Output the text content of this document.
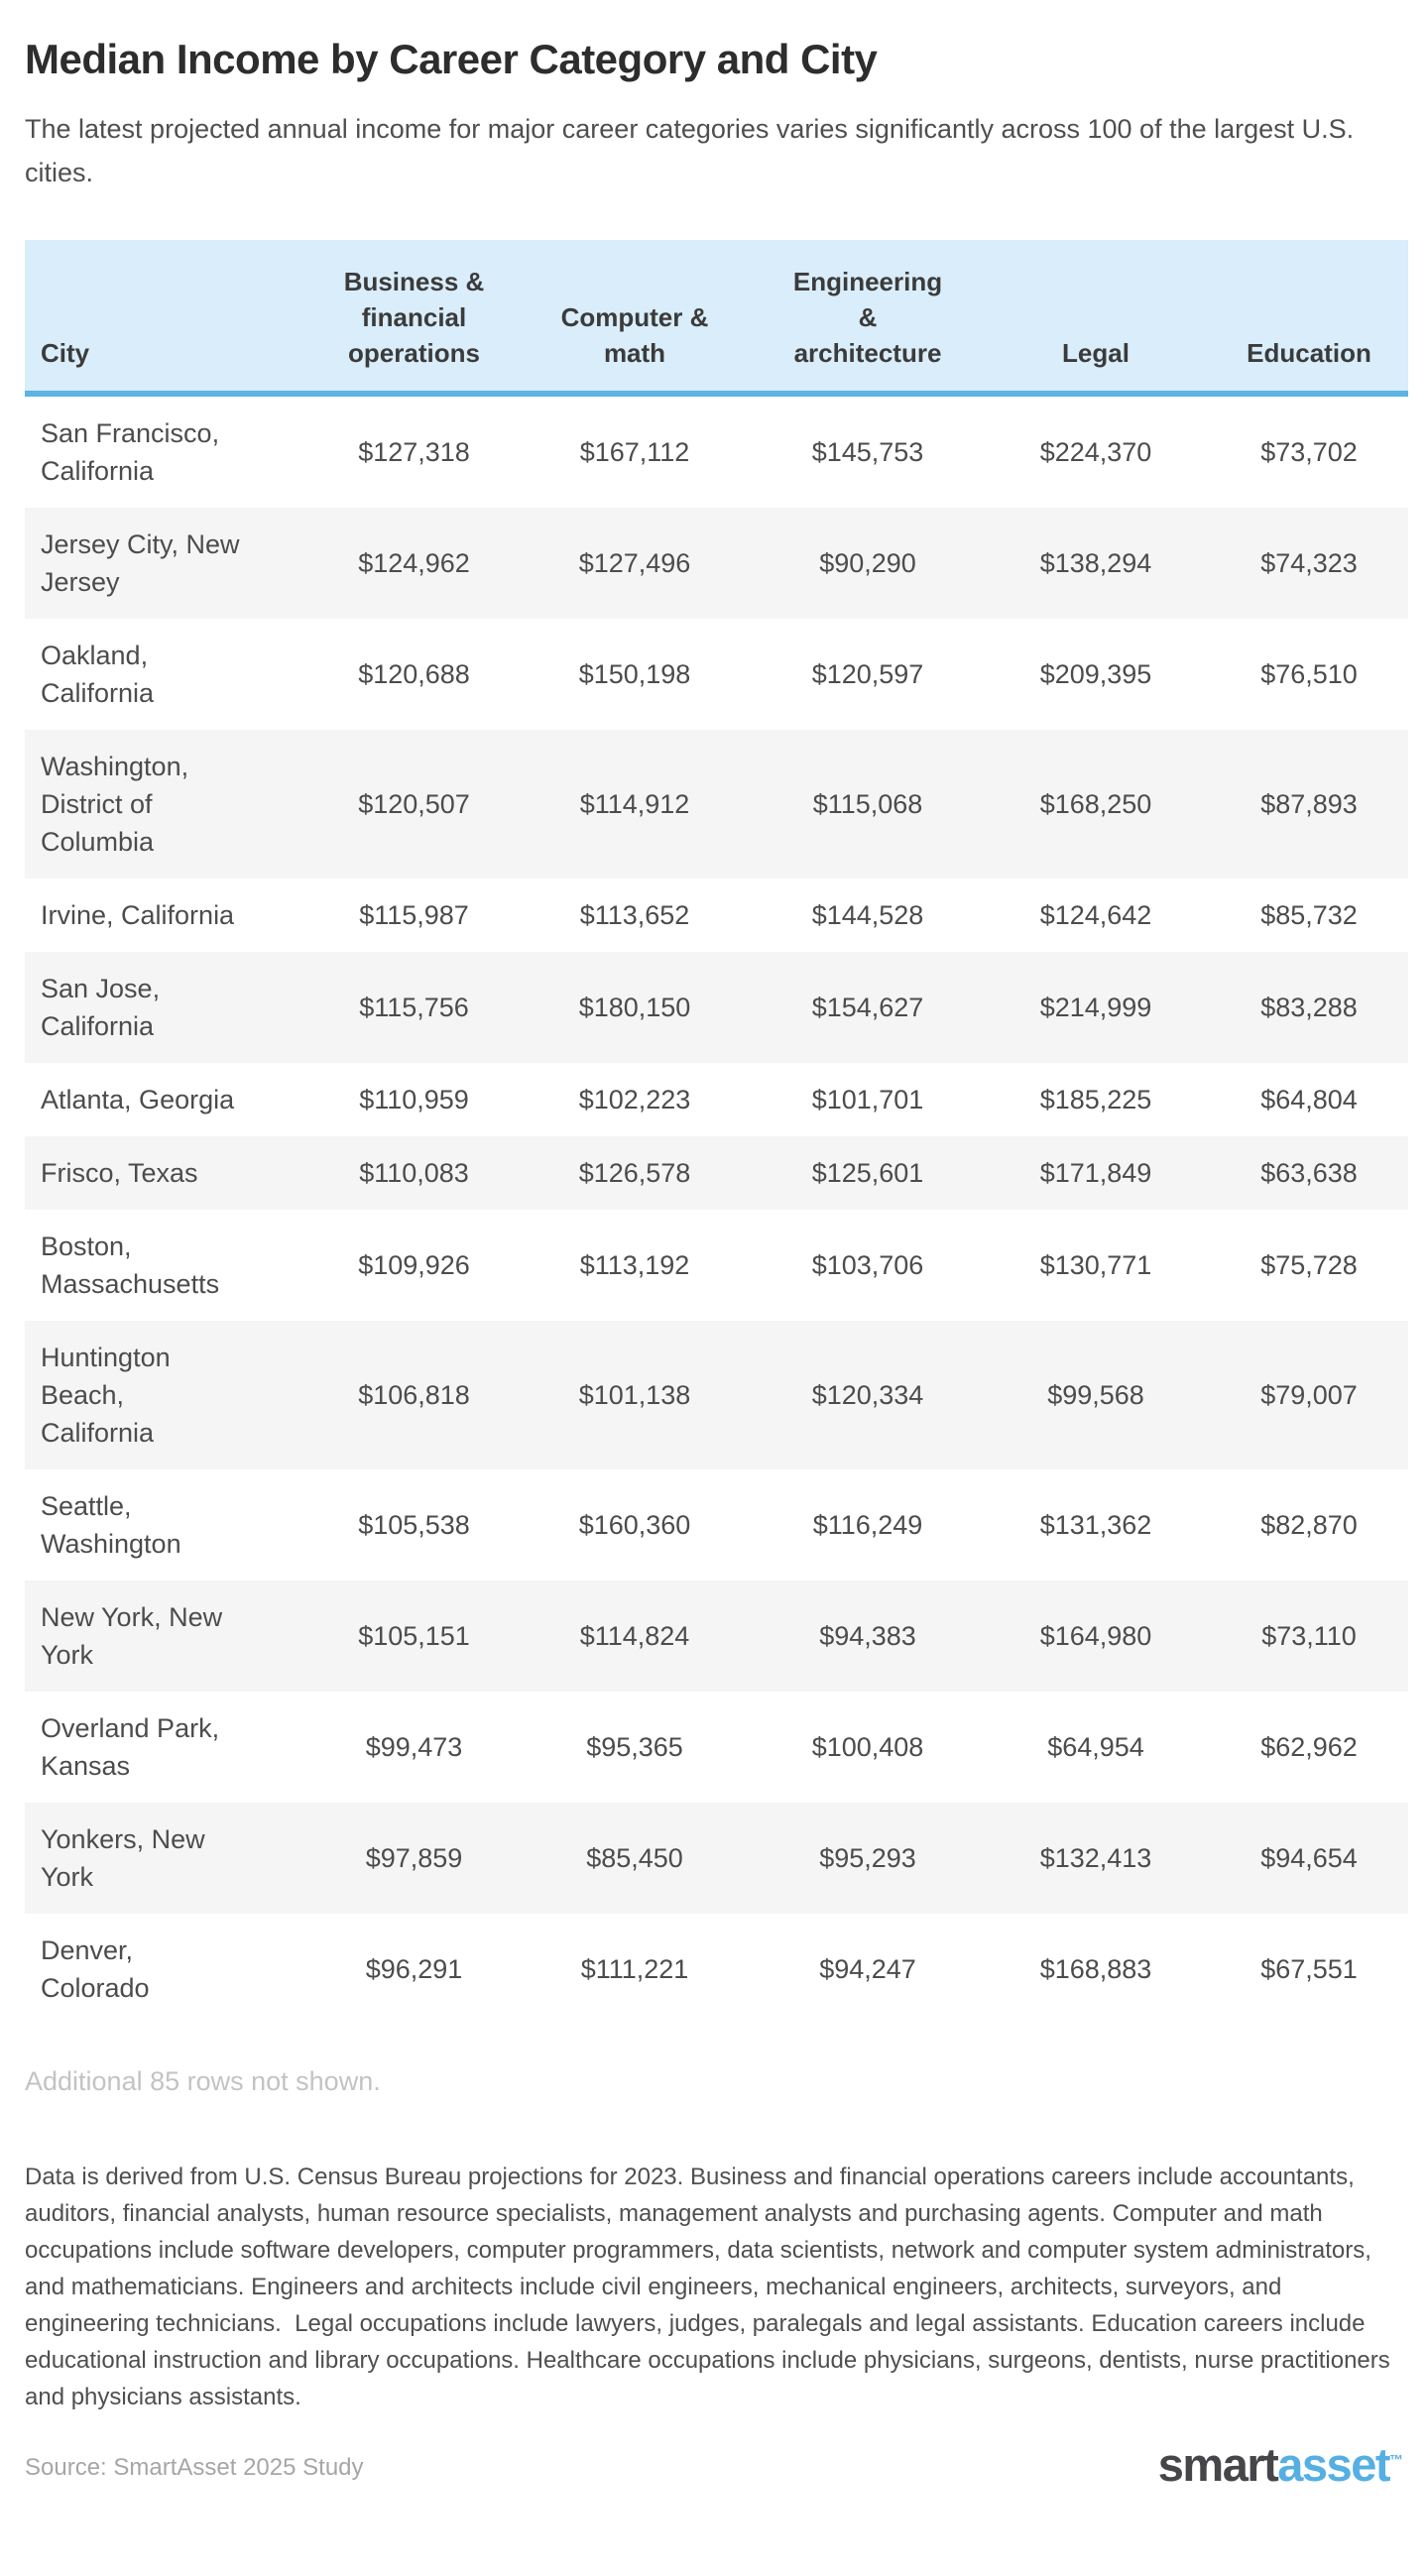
Median Income by Career Category and City

The latest projected annual income for major career categories varies significantly across 100 of the largest U.S. cities.

City	Business & financial operations	Computer & math	Engineering & architecture	Legal	Education
San Francisco, California	$127,318	$167,112	$145,753	$224,370	$73,702
Jersey City, New Jersey	$124,962	$127,496	$90,290	$138,294	$74,323
Oakland, California	$120,688	$150,198	$120,597	$209,395	$76,510
Washington, District of Columbia	$120,507	$114,912	$115,068	$168,250	$87,893
Irvine, California	$115,987	$113,652	$144,528	$124,642	$85,732
San Jose, California	$115,756	$180,150	$154,627	$214,999	$83,288
Atlanta, Georgia	$110,959	$102,223	$101,701	$185,225	$64,804
Frisco, Texas	$110,083	$126,578	$125,601	$171,849	$63,638
Boston, Massachusetts	$109,926	$113,192	$103,706	$130,771	$75,728
Huntington Beach, California	$106,818	$101,138	$120,334	$99,568	$79,007
Seattle, Washington	$105,538	$160,360	$116,249	$131,362	$82,870
New York, New York	$105,151	$114,824	$94,383	$164,980	$73,110
Overland Park, Kansas	$99,473	$95,365	$100,408	$64,954	$62,962
Yonkers, New York	$97,859	$85,450	$95,293	$132,413	$94,654
Denver, Colorado	$96,291	$111,221	$94,247	$168,883	$67,551

Additional 85 rows not shown.

Data is derived from U.S. Census Bureau projections for 2023. Business and financial operations careers include accountants, auditors, financial analysts, human resource specialists, management analysts and purchasing agents. Computer and math occupations include software developers, computer programmers, data scientists, network and computer system administrators, and mathematicians. Engineers and architects include civil engineers, mechanical engineers, architects, surveyors, and engineering technicians.  Legal occupations include lawyers, judges, paralegals and legal assistants. Education careers include educational instruction and library occupations. Healthcare occupations include physicians, surgeons, dentists, nurse practitioners and physicians assistants.

Source: SmartAsset 2025 Study	smartasset™
